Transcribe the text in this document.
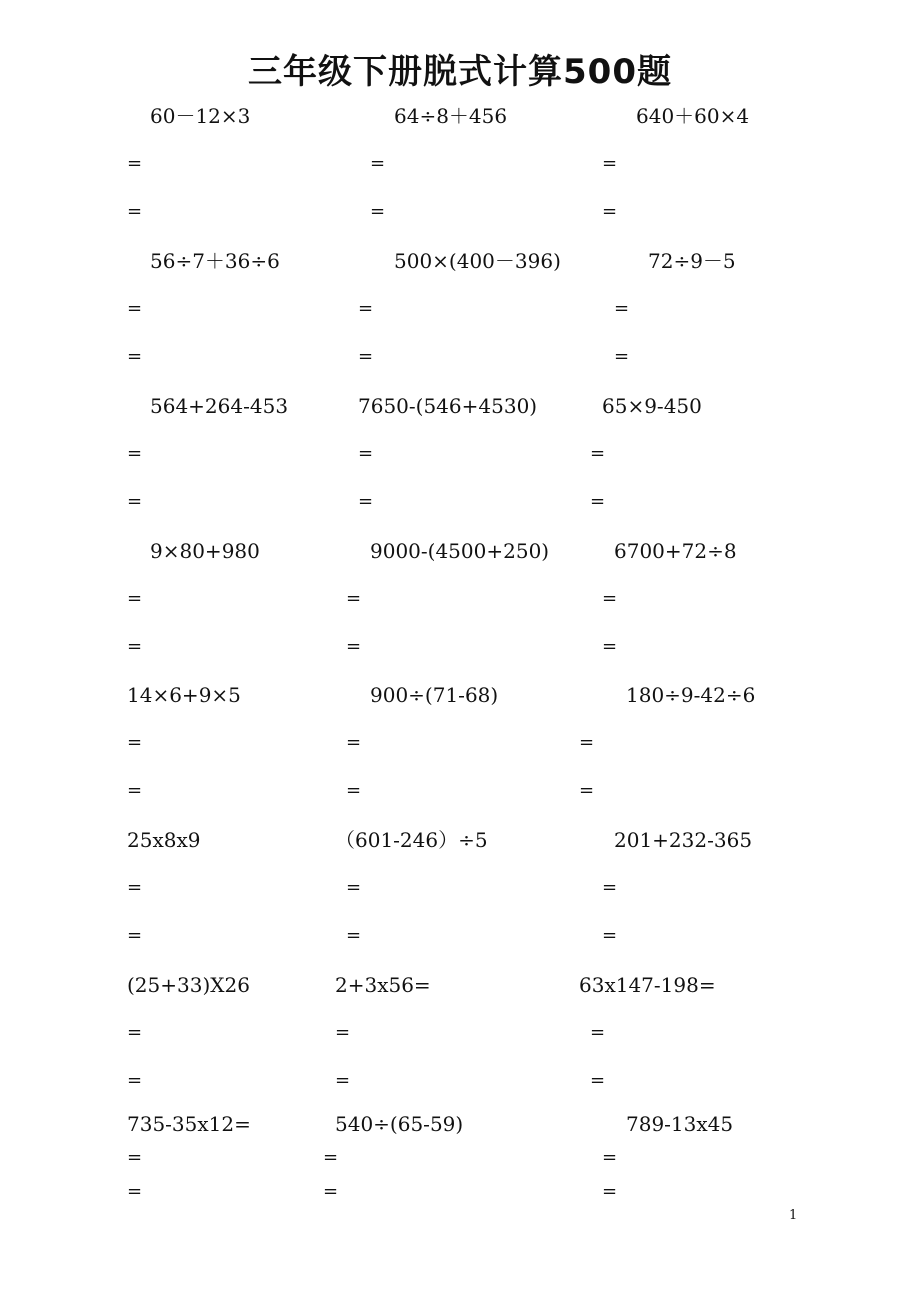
三年级下册脱式计算500题
60－12×3
=
=
64÷8＋456
=
=
640＋60×4
=
=
56÷7＋36÷6
=
=
500×(400－396)
=
=
72÷9－5
=
=
564+264-453
=
=
7650-(546+4530)
=
=
65×9-450
=
=
9×80+980
=
=
9000-(4500+250)
=
=
6700+72÷8
=
=
14×6+9×5
=
=
900÷(71-68)
=
=
180÷9-42÷6
=
=
25x8x9
=
=
（601-246）÷5
=
=
201+232-365
=
=
(25+33)X26
=
=
2+3x56=
=
=
63x147-198=
=
=
735-35x12=
=
=
540÷(65-59)
=
=
789-13x45
=
=
1
